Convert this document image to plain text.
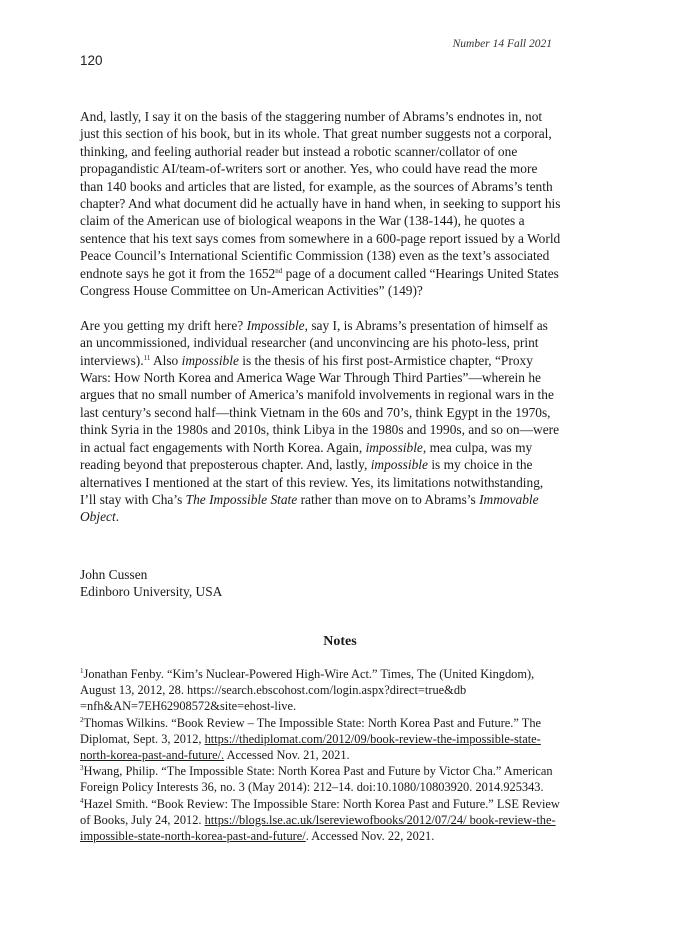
Number 14 Fall 2021
120

And, lastly, I say it on the basis of the staggering number of Abrams’s endnotes in, not just this section of his book, but in its whole. That great number suggests not a corporal, thinking, and feeling authorial reader but instead a robotic scanner/collator of one propagandistic AI/team-of-writers sort or another. Yes, who could have read the more than 140 books and articles that are listed, for example, as the sources of Abrams’s tenth chapter? And what document did he actually have in hand when, in seeking to support his claim of the American use of biological weapons in the War (138-144), he quotes a sentence that his text says comes from somewhere in a 600-page report issued by a World Peace Council’s International Scientific Commission (138) even as the text’s associated endnote says he got it from the 1652nd page of a document called “Hearings United States Congress House Committee on Un-American Activities” (149)?

Are you getting my drift here? Impossible, say I, is Abrams’s presentation of himself as an uncommissioned, individual researcher (and unconvincing are his photo-less, print interviews).$^{11}$ Also impossible is the thesis of his first post-Armistice chapter, “Proxy Wars: How North Korea and America Wage War Through Third Parties”—wherein he argues that no small number of America’s manifold involvements in regional wars in the last century’s second half—think Vietnam in the 60s and 70’s, think Egypt in the 1970s, think Syria in the 1980s and 2010s, think Libya in the 1980s and 1990s, and so on—were in actual fact engagements with North Korea. Again, impossible, mea culpa, was my reading beyond that preposterous chapter. And, lastly, impossible is my choice in the alternatives I mentioned at the start of this review. Yes, its limitations notwithstanding, I’ll stay with Cha’s The Impossible State rather than move on to Abrams’s Immovable Object.

John Cussen
Edinboro University, USA
Notes

$^1$Jonathan Fenby. “Kim’s Nuclear-Powered High-Wire Act.” Times, The (United Kingdom), August 13, 2012, 28. https://search.ebscohost.com/login.aspx?direct=true&db =nfh&AN=7EH62908572&site=ehost-live.

$^2$Thomas Wilkins. “Book Review – The Impossible State: North Korea Past and Future.” The Diplomat, Sept. 3, 2012, https://thediplomat.com/2012/09/book-review-the-impossible-state-north-korea-past-and-future/. Accessed Nov. 21, 2021.

$^3$Hwang, Philip. “The Impossible State: North Korea Past and Future by Victor Cha.” American Foreign Policy Interests 36, no. 3 (May 2014): 212–14. doi:10.1080/10803920. 2014.925343.

$^4$Hazel Smith. “Book Review: The Impossible Stare: North Korea Past and Future.” LSE Review of Books, July 24, 2012. https://blogs.lse.ac.uk/lsereviewofbooks/2012/07/24/ book-review-the-impossible-state-north-korea-past-and-future/. Accessed Nov. 22, 2021.
